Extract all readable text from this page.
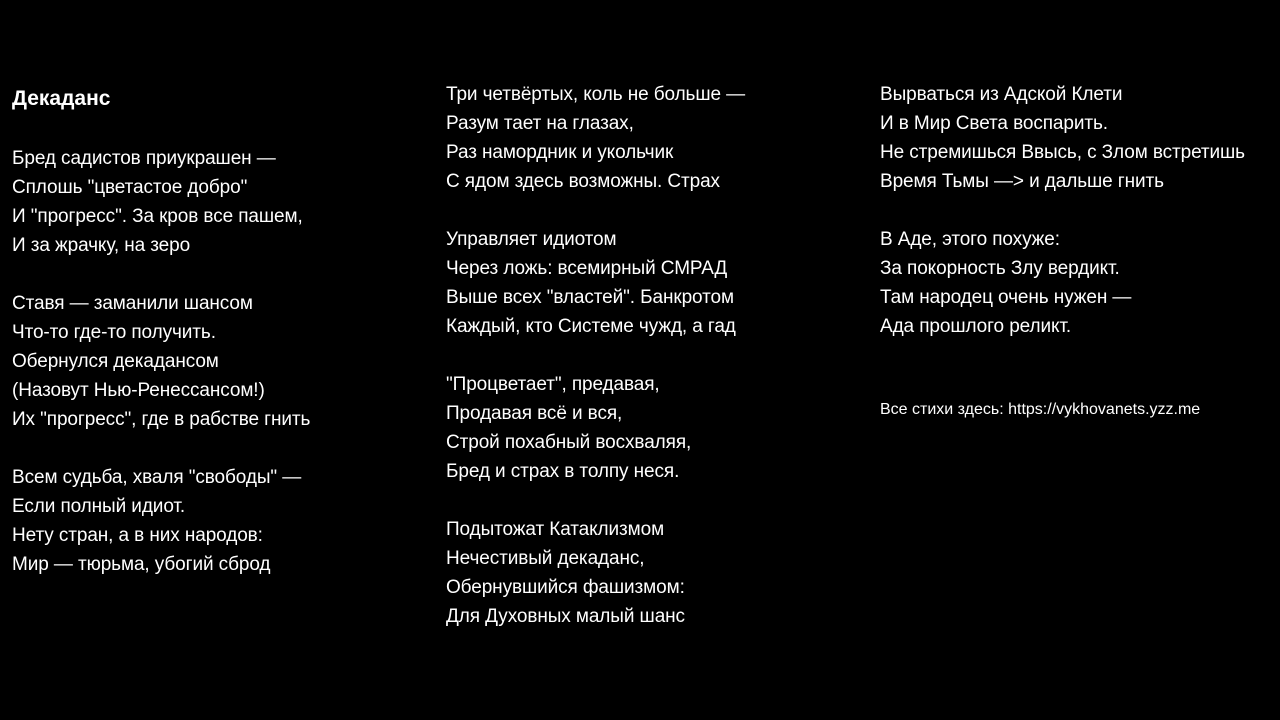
Декаданс
Бред садистов приукрашен —
Сплошь "цветастое добро"
И "прогресс". За кров все пашем,
И за жрачку, на зеро
Ставя — заманили шансом
Что-то где-то получить.
Обернулся декадансом
(Назовут Нью-Ренессансом!)
Их "прогресс", где в рабстве гнить
Всем судьба, хваля "свободы" —
Если полный идиот.
Нету стран, а в них народов:
Мир — тюрьма, убогий сброд
Три четвёртых, коль не больше —
Разум тает на глазах,
Раз намордник и укольчик
С ядом здесь возможны. Страх
Управляет идиотом
Через ложь: всемирный СМРАД
Выше всех "властей". Банкротом
Каждый, кто Системе чужд, а гад
"Процветает", предавая,
Продавая всё и вся,
Строй похабный восхваляя,
Бред и страх в толпу неся.
Подытожат Катаклизмом
Нечестивый декаданс,
Обернувшийся фашизмом:
Для Духовных малый шанс
Вырваться из Адской Клети
И в Мир Света воспарить.
Не стремишься Ввысь, с Злом встретишь
Время Тьмы —> и дальше гнить
В Аде, этого похуже:
За покорность Злу вердикт.
Там народец очень нужен —
Ада прошлого реликт.
Все стихи здесь: https://vykhovanets.yzz.me
